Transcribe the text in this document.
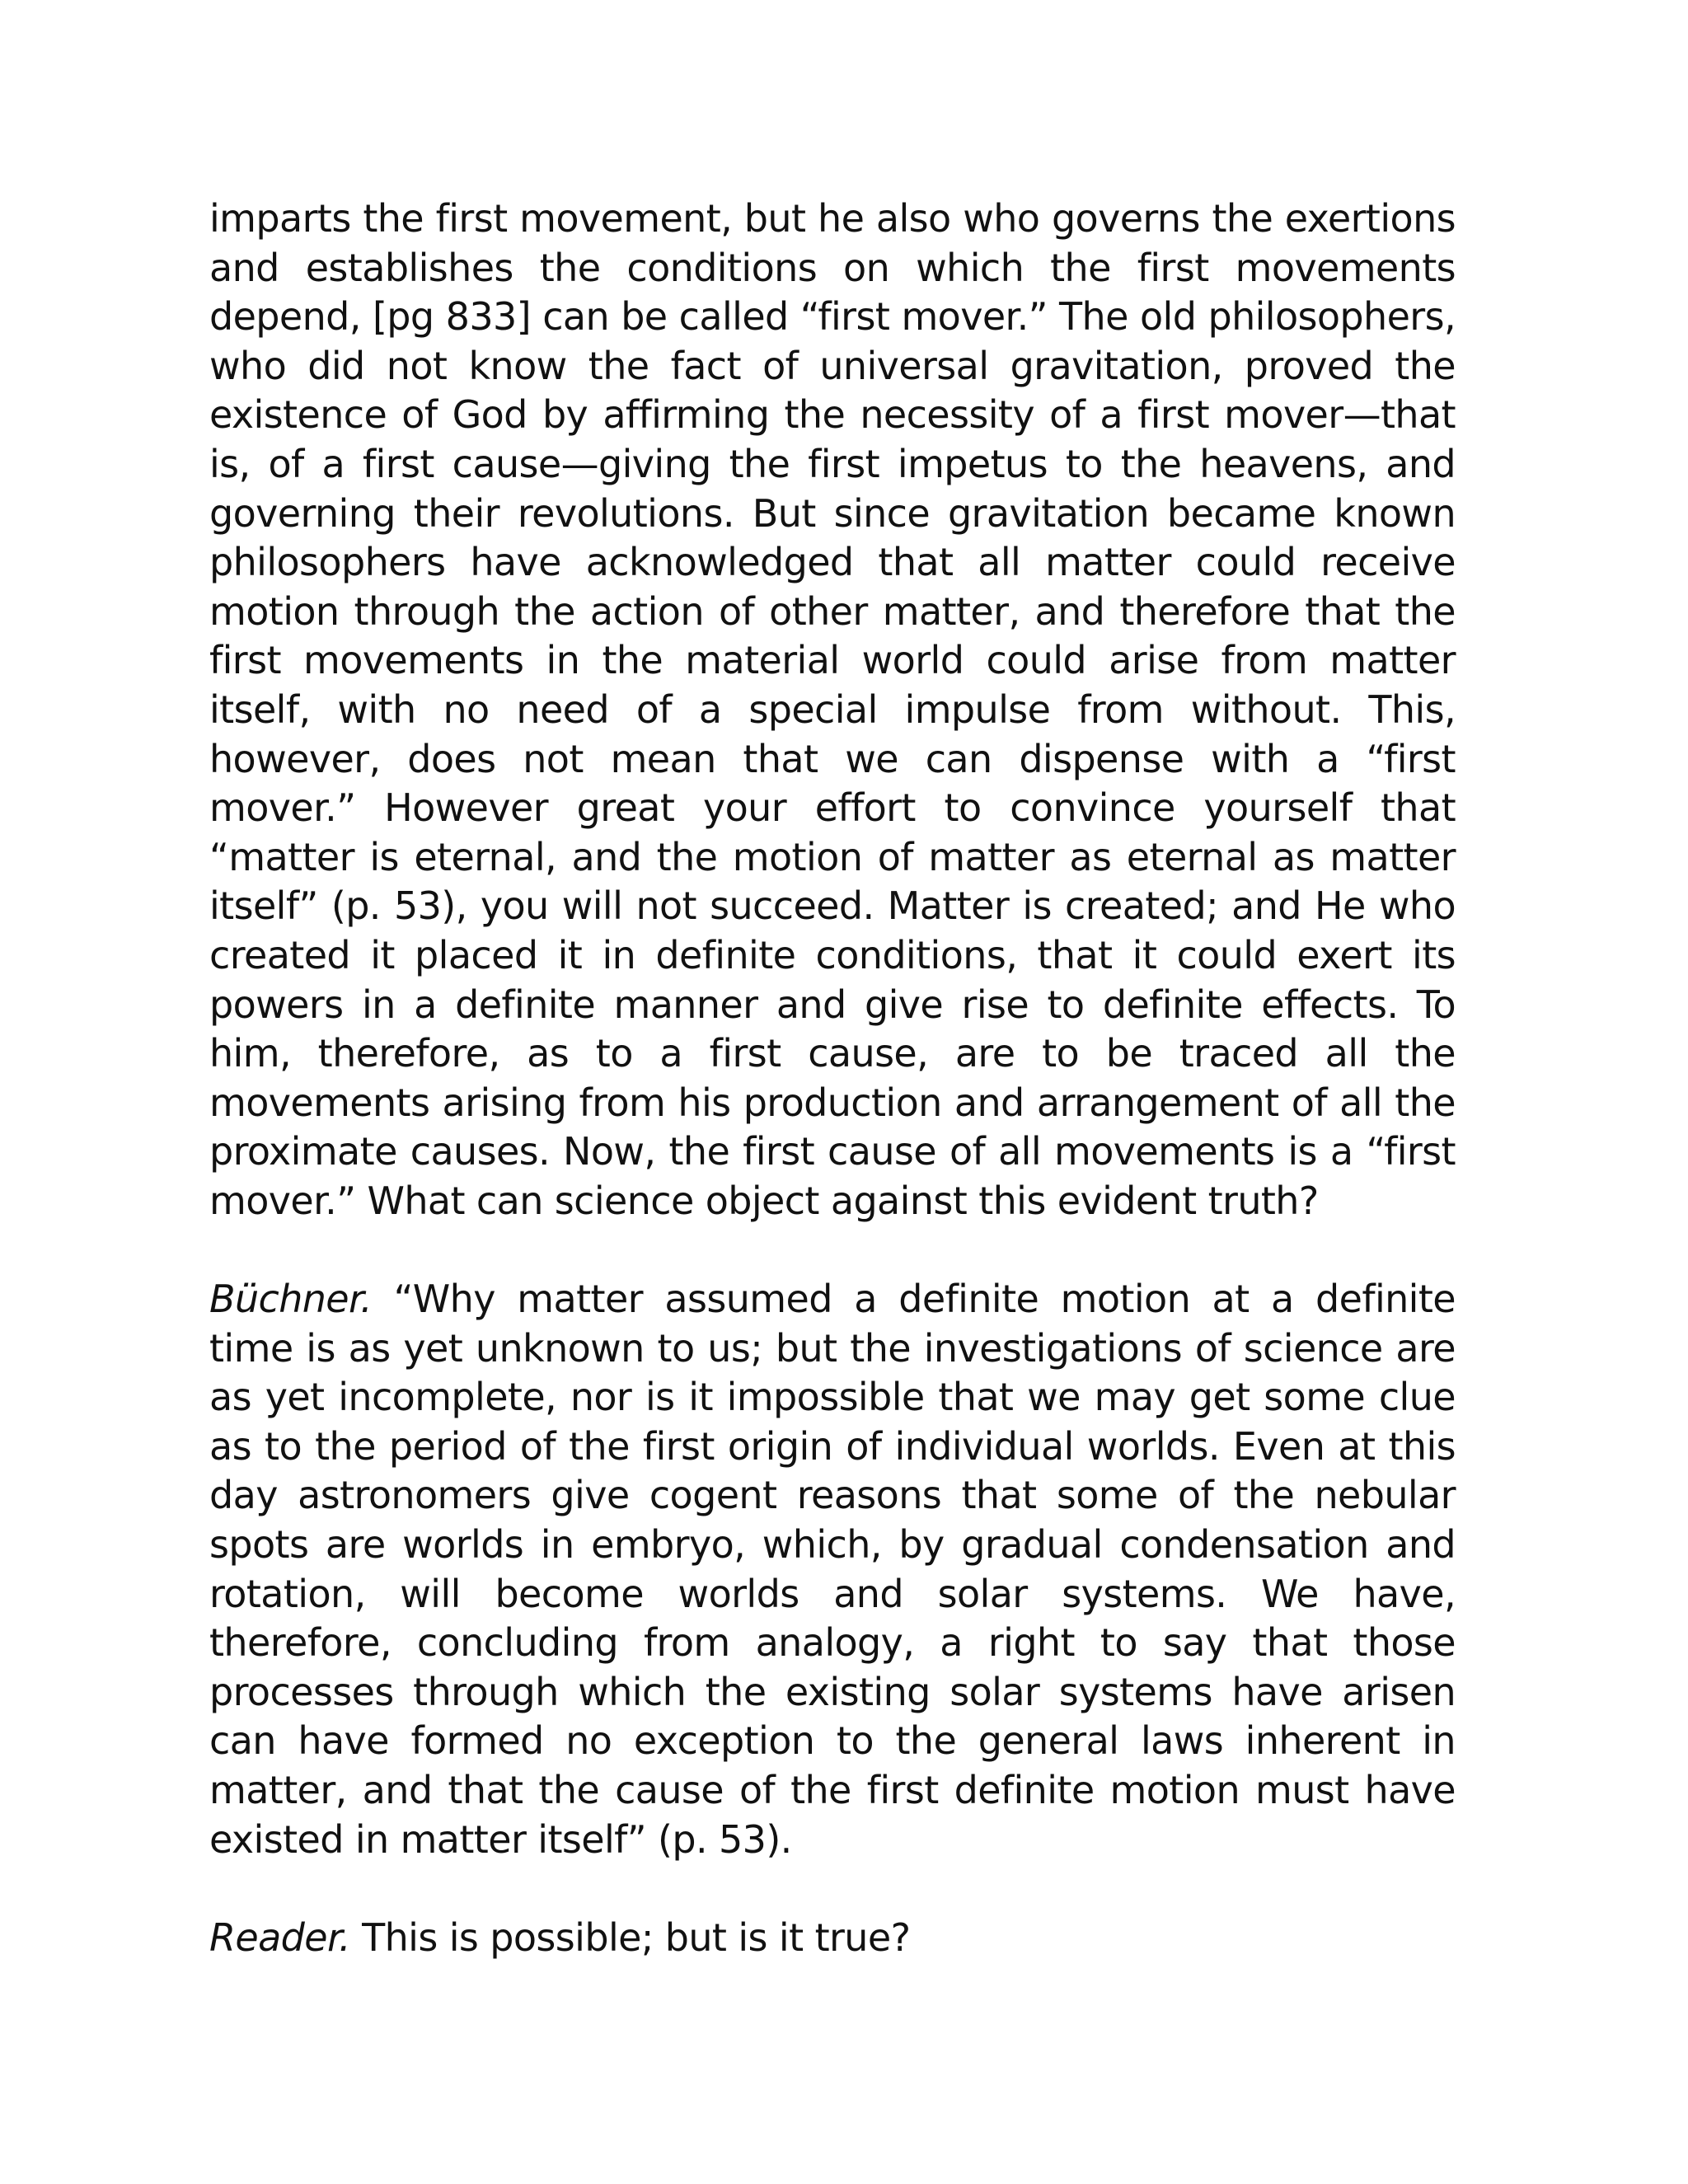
imparts the first movement, but he also who governs the exertions and establishes the conditions on which the first movements depend, [pg 833] can be called “first mover.” The old philosophers, who did not know the fact of universal gravitation, proved the existence of God by affirming the necessity of a first mover—that is, of a first cause—giving the first impetus to the heavens, and governing their revolutions. But since gravitation became known philosophers have acknowledged that all matter could receive motion through the action of other matter, and therefore that the first movements in the material world could arise from matter itself, with no need of a special impulse from without. This, however, does not mean that we can dispense with a “first mover.” However great your effort to convince yourself that “matter is eternal, and the motion of matter as eternal as matter itself” (p. 53), you will not succeed. Matter is created; and He who created it placed it in definite conditions, that it could exert its powers in a definite manner and give rise to definite effects. To him, therefore, as to a first cause, are to be traced all the movements arising from his production and arrangement of all the proximate causes. Now, the first cause of all movements is a “first mover.” What can science object against this evident truth?

Büchner. “Why matter assumed a definite motion at a definite time is as yet unknown to us; but the investigations of science are as yet incomplete, nor is it impossible that we may get some clue as to the period of the first origin of individual worlds. Even at this day astronomers give cogent reasons that some of the nebular spots are worlds in embryo, which, by gradual condensation and rotation, will become worlds and solar systems. We have, therefore, concluding from analogy, a right to say that those processes through which the existing solar systems have arisen can have formed no exception to the general laws inherent in matter, and that the cause of the first definite motion must have existed in matter itself” (p. 53).

Reader. This is possible; but is it true?
